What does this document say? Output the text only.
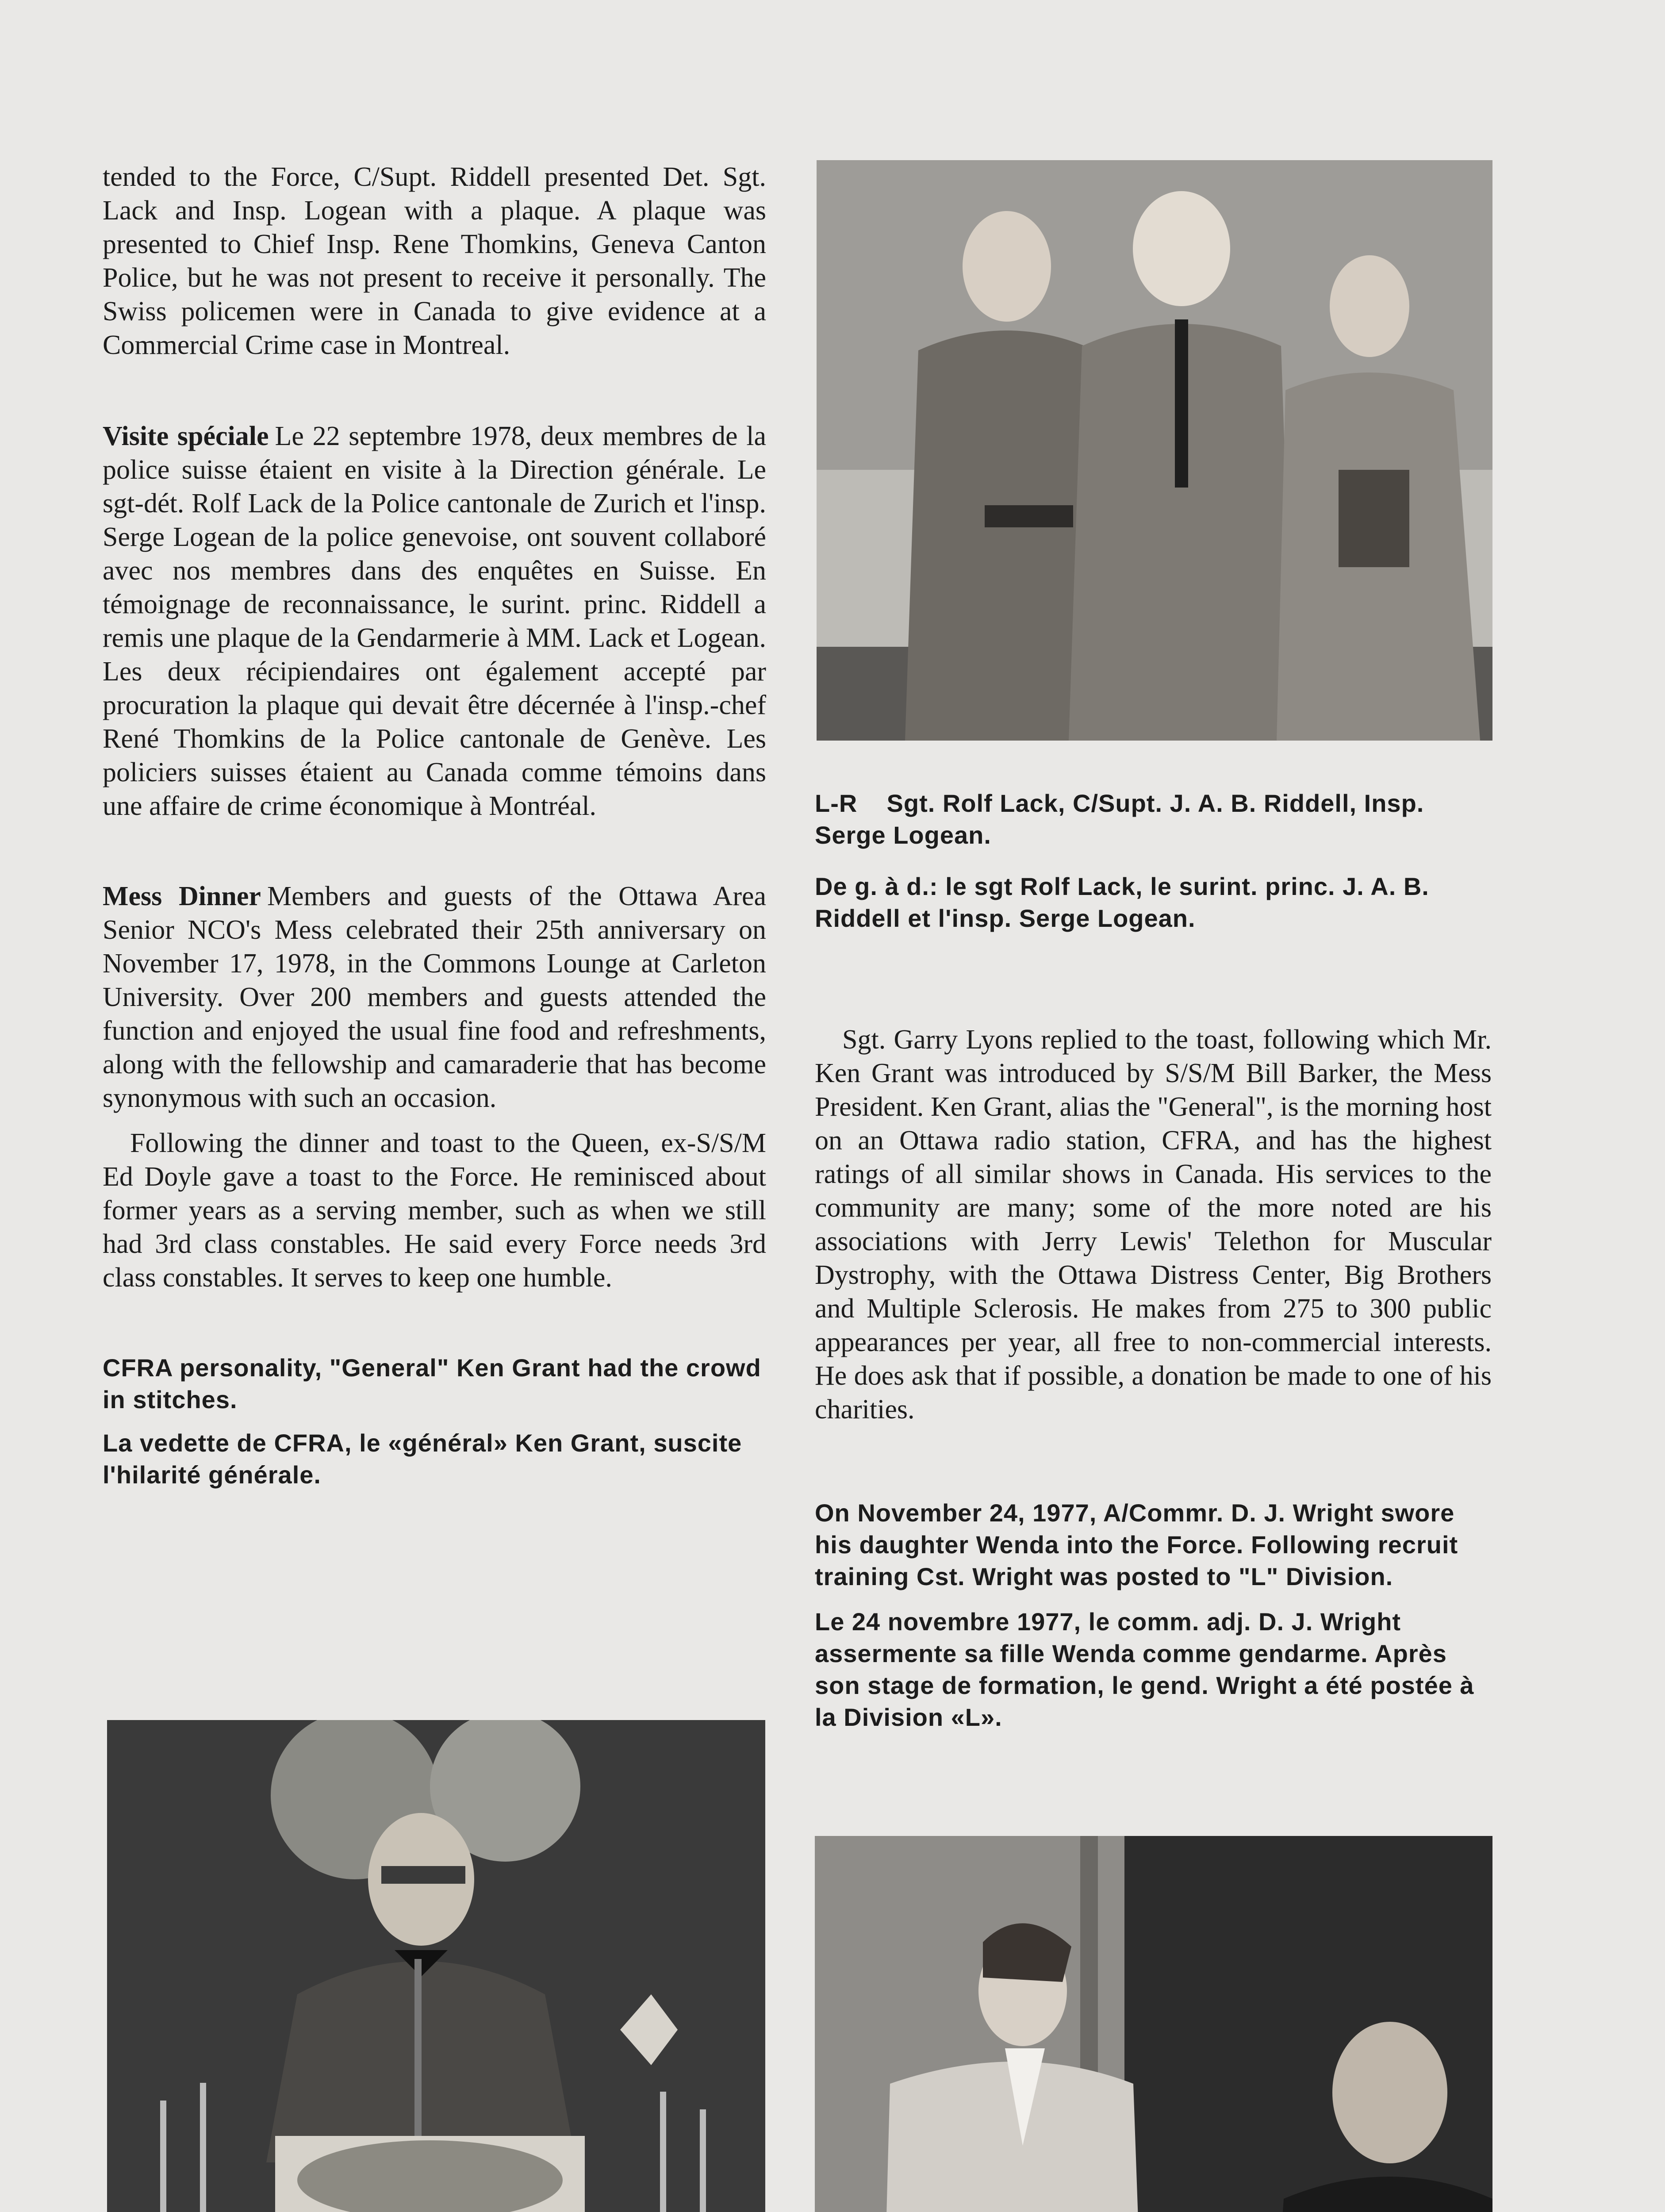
tended to the Force, C/Supt. Riddell presented Det. Sgt. Lack and Insp. Logean with a plaque. A plaque was presented to Chief Insp. Rene Thomkins, Geneva Canton Police, but he was not present to receive it personally. The Swiss policemen were in Canada to give evidence at a Commercial Crime case in Montreal.

Visite spéciale Le 22 septembre 1978, deux membres de la police suisse étaient en visite à la Direction générale. Le sgt-dét. Rolf Lack de la Police cantonale de Zurich et l'insp. Serge Logean de la police genevoise, ont souvent collaboré avec nos membres dans des enquêtes en Suisse. En témoignage de reconnaissance, le surint. princ. Riddell a remis une plaque de la Gendarmerie à MM. Lack et Logean. Les deux récipiendaires ont également accepté par procuration la plaque qui devait être décernée à l'insp.-chef René Thomkins de la Police cantonale de Genève. Les policiers suisses étaient au Canada comme témoins dans une affaire de crime économique à Montréal.

Mess Dinner Members and guests of the Ottawa Area Senior NCO's Mess celebrated their 25th anniversary on November 17, 1978, in the Commons Lounge at Carleton University. Over 200 members and guests attended the function and enjoyed the usual fine food and refreshments, along with the fellowship and camaraderie that has become synonymous with such an occasion.

Following the dinner and toast to the Queen, ex-S/S/M Ed Doyle gave a toast to the Force. He reminisced about former years as a serving member, such as when we still had 3rd class constables. He said every Force needs 3rd class constables. It serves to keep one humble.

CFRA personality, "General" Ken Grant had the crowd in stitches.

La vedette de CFRA, le «général» Ken Grant, suscite l'hilarité générale.

L-R    Sgt. Rolf Lack, C/Supt. J. A. B. Riddell, Insp. Serge Logean.

De g. à d.: le sgt Rolf Lack, le surint. princ. J. A. B. Riddell et l'insp. Serge Logean.

Sgt. Garry Lyons replied to the toast, following which Mr. Ken Grant was introduced by S/S/M Bill Barker, the Mess President. Ken Grant, alias the "General", is the morning host on an Ottawa radio station, CFRA, and has the highest ratings of all similar shows in Canada. His services to the community are many; some of the more noted are his associations with Jerry Lewis' Telethon for Muscular Dystrophy, with the Ottawa Distress Center, Big Brothers and Multiple Sclerosis. He makes from 275 to 300 public appearances per year, all free to non-commercial interests. He does ask that if possible, a donation be made to one of his charities.

On November 24, 1977, A/Commr. D. J. Wright swore his daughter Wenda into the Force. Following recruit training Cst. Wright was posted to "L" Division.

Le 24 novembre 1977, le comm. adj. D. J. Wright assermente sa fille Wenda comme gendarme. Après son stage de formation, le gend. Wright a été postée à la Division «L».
